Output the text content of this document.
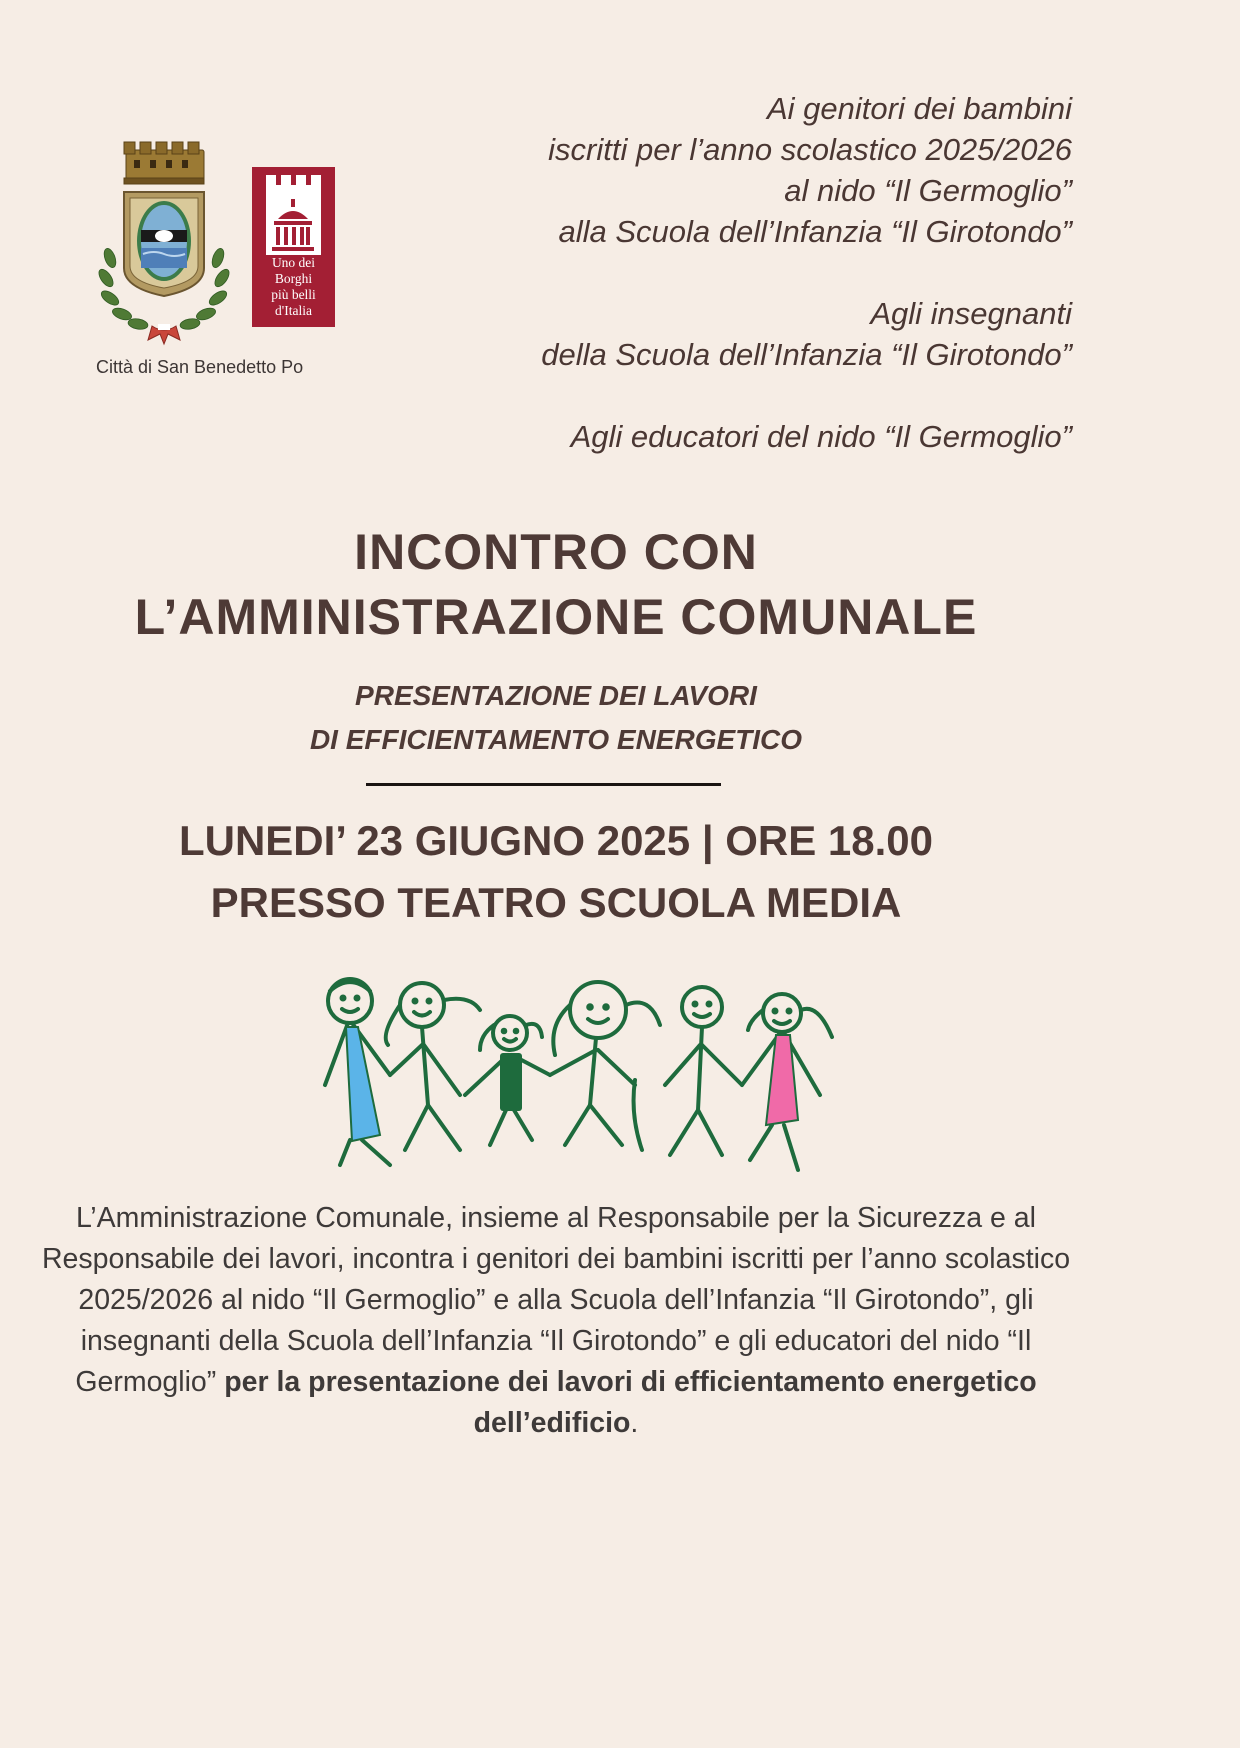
Uno dei
Borghi
più belli
d'Italia
Città di San Benedetto Po

Ai genitori dei bambini

iscritti per l’anno scolastico 2025/2026

al nido “Il Germoglio”

alla Scuola dell’Infanzia “Il Girotondo”

Agli insegnanti

della Scuola dell’Infanzia “Il Girotondo”

Agli educatori del nido “Il Germoglio”

INCONTRO CON
L’AMMINISTRAZIONE COMUNALE
PRESENTAZIONE DEI LAVORI
DI EFFICIENTAMENTO ENERGETICO
LUNEDI’ 23 GIUGNO 2025 | ORE 18.00
PRESSO TEATRO SCUOLA MEDIA

L’Amministrazione Comunale, insieme al Responsabile per la Sicurezza e al Responsabile dei lavori, incontra i genitori dei bambini iscritti per l’anno scolastico 2025/2026 al nido “Il Germoglio” e alla Scuola dell’Infanzia “Il Girotondo”, gli insegnanti della Scuola dell’Infanzia “Il Girotondo” e gli educatori del nido “Il Germoglio” per la presentazione dei lavori di efficientamento energetico dell’edificio.
